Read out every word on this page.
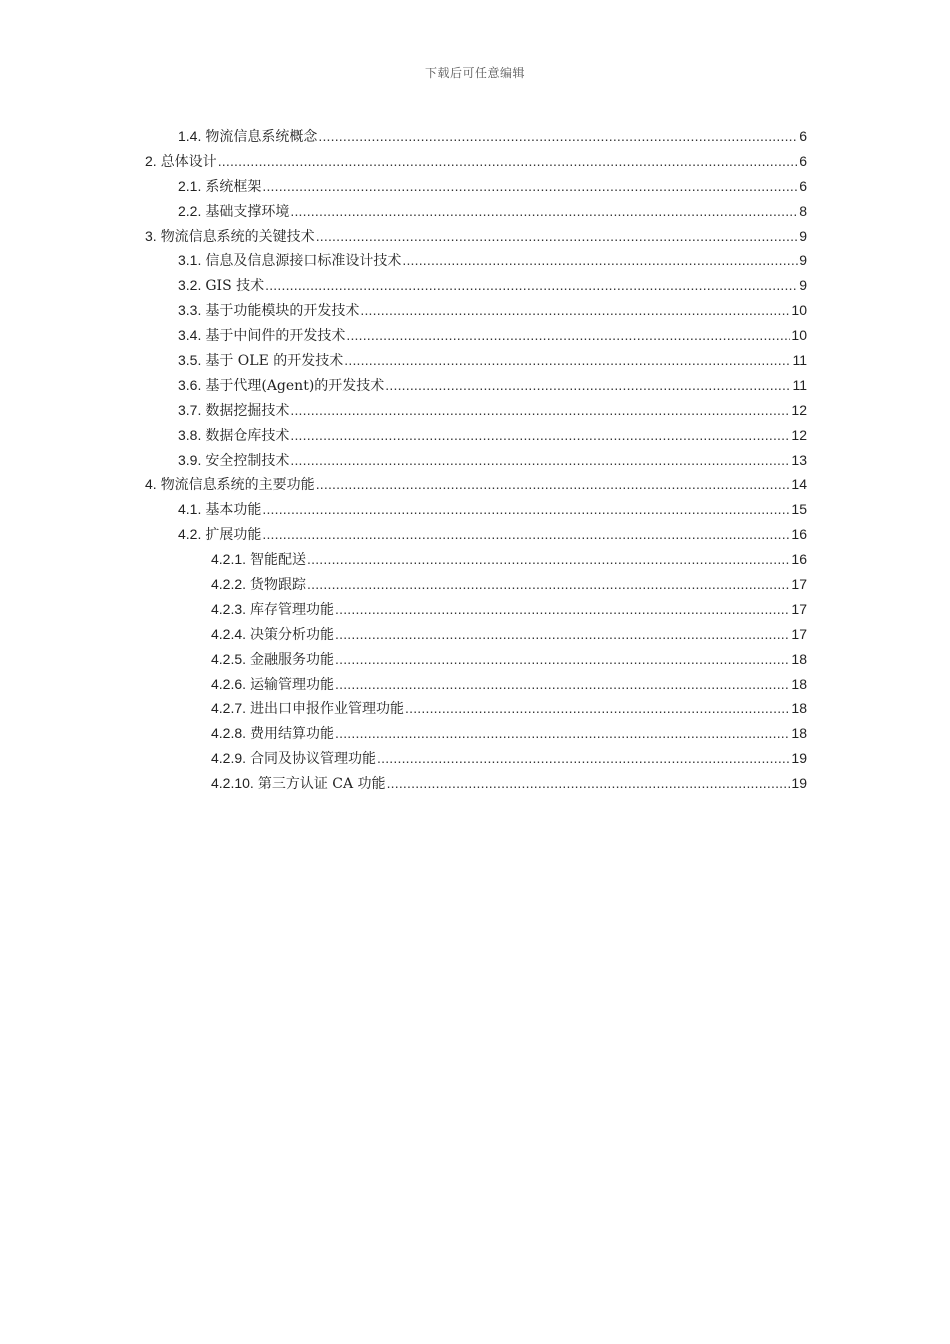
下载后可任意编辑
1.4. 物流信息系统概念 .....	6
2. 总体设计 .....	6
2.1. 系统框架 .....	6
2.2. 基础支撑环境 .....	8
3. 物流信息系统的关键技术 .....	9
3.1. 信息及信息源接口标准设计技术 .....	9
3.2. GIS 技术 .....	9
3.3. 基于功能模块的开发技术 .....	10
3.4. 基于中间件的开发技术 .....	10
3.5. 基于 OLE 的开发技术 .....	11
3.6. 基于代理(Agent)的开发技术 .....	11
3.7. 数据挖掘技术 .....	12
3.8. 数据仓库技术 .....	12
3.9. 安全控制技术 .....	13
4. 物流信息系统的主要功能 .....	14
4.1. 基本功能 .....	15
4.2. 扩展功能 .....	16
4.2.1. 智能配送 .....	16
4.2.2. 货物跟踪 .....	17
4.2.3. 库存管理功能 .....	17
4.2.4. 决策分析功能 .....	17
4.2.5. 金融服务功能 .....	18
4.2.6. 运输管理功能 .....	18
4.2.7. 进出口申报作业管理功能 .....	18
4.2.8. 费用结算功能 .....	18
4.2.9. 合同及协议管理功能 .....	19
4.2.10. 第三方认证 CA 功能 .....	19
